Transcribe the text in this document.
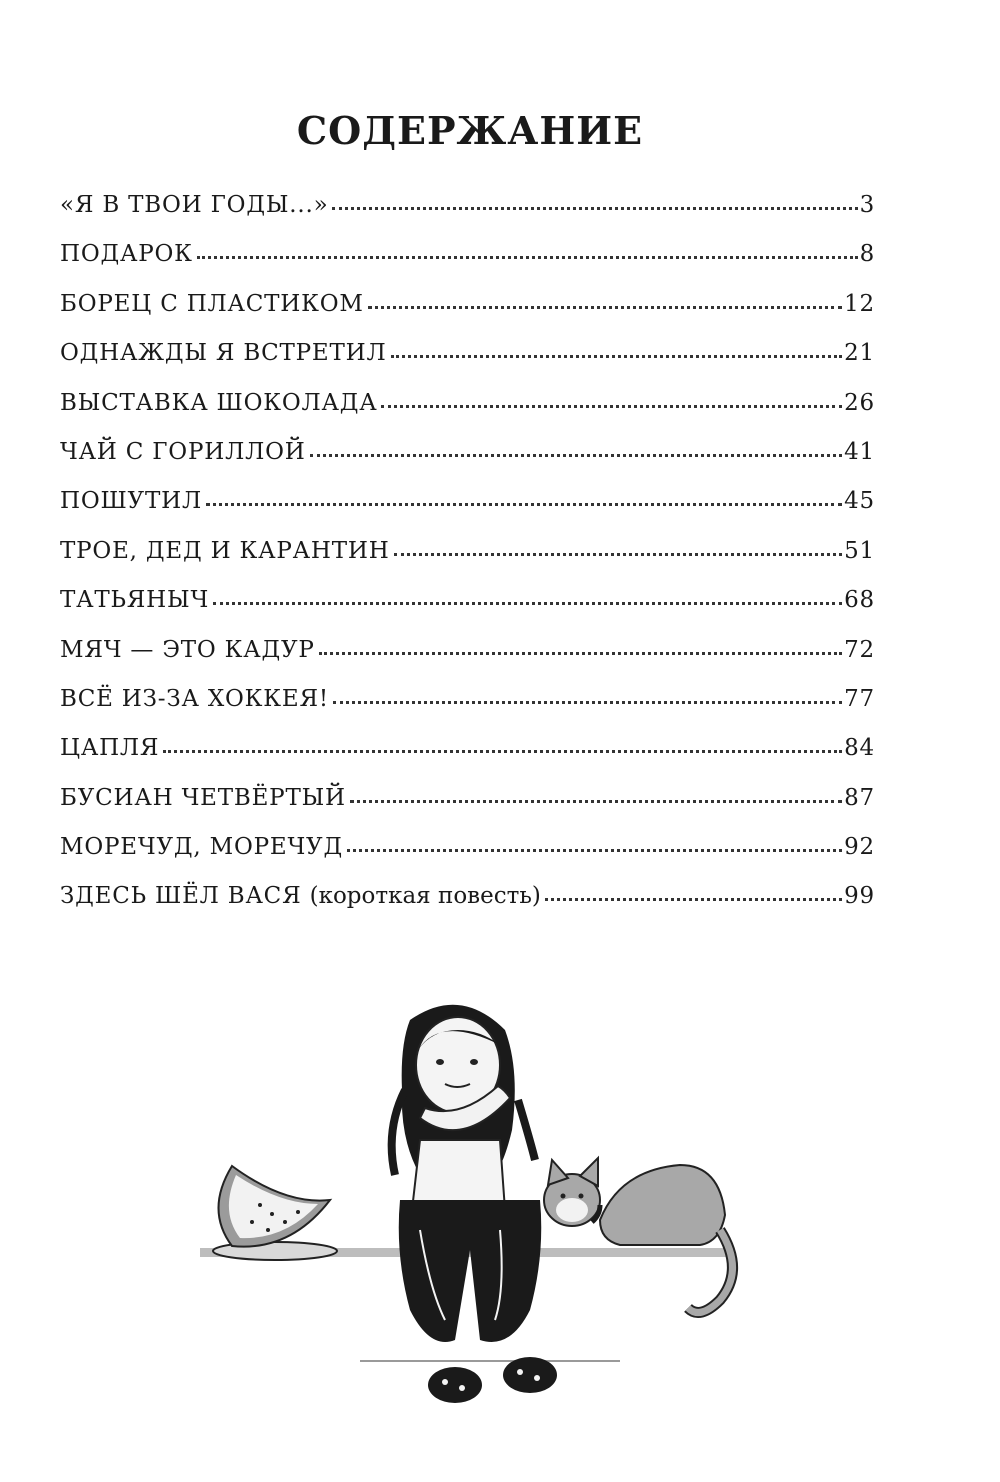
СОДЕРЖАНИЕ
«Я В ТВОИ ГОДЫ...»	3
ПОДАРОК	8
БОРЕЦ С ПЛАСТИКОМ	12
ОДНАЖДЫ Я ВСТРЕТИЛ	21
ВЫСТАВКА ШОКОЛАДА	26
ЧАЙ С ГОРИЛЛОЙ	41
ПОШУТИЛ	45
ТРОЕ, ДЕД И КАРАНТИН	51
ТАТЬЯНЫЧ	68
МЯЧ — ЭТО КАДУР	72
ВСЁ ИЗ-ЗА ХОККЕЯ!	77
ЦАПЛЯ	84
БУСИАН ЧЕТВЁРТЫЙ	87
МОРЕЧУД, МОРЕЧУД	92
ЗДЕСЬ ШЁЛ ВАСЯ (короткая повесть)	99
